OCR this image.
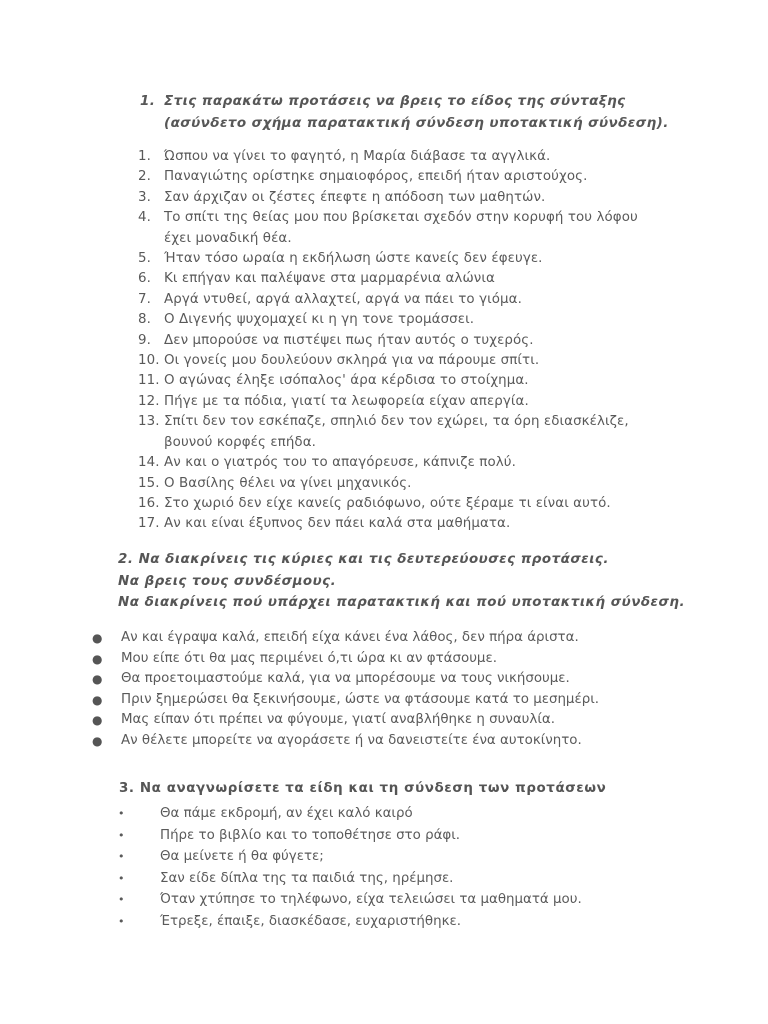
1. Στις παρακάτω προτάσεις να βρεις το είδος της σύνταξης
(ασύνδετο σχήμα παρατακτική σύνδεση υποτακτική σύνδεση).
1. Ώσπου να γίνει το φαγητό, η Μαρία διάβασε τα αγγλικά.
2. Παναγιώτης ορίστηκε σημαιοφόρος, επειδή ήταν αριστούχος.
3. Σαν άρχιζαν οι ζέστες έπεφτε η απόδοση των μαθητών.
4. Το σπίτι της θείας μου που βρίσκεται σχεδόν στην κορυφή του λόφου έχει μοναδική θέα.
5. Ήταν τόσο ωραία η εκδήλωση ώστε κανείς δεν έφευγε.
6. Κι επήγαν και παλέψανε στα μαρμαρένια αλώνια
7. Αργά ντυθεί, αργά αλλαχτεί, αργά να πάει το γιόμα.
8. Ο Διγενής ψυχομαχεί κι η γη τονε τρομάσσει.
9. Δεν μπορούσε να πιστέψει πως ήταν αυτός ο τυχερός.
10. Οι γονείς μου δουλεύουν σκληρά για να πάρουμε σπίτι.
11. Ο αγώνας έληξε ισόπαλος' άρα κέρδισα το στοίχημα.
12. Πήγε με τα πόδια, γιατί τα λεωφορεία είχαν απεργία.
13. Σπίτι δεν τον εσκέπαζε, σπηλιό δεν τον εχώρει, τα όρη εδιασκέλιζε, βουνού κορφές επήδα.
14. Αν και ο γιατρός του το απαγόρευσε, κάπνιζε πολύ.
15. Ο Βασίλης θέλει να γίνει μηχανικός.
16. Στο χωριό δεν είχε κανείς ραδιόφωνο, ούτε ξέραμε τι είναι αυτό.
17. Αν και είναι έξυπνος δεν πάει καλά στα μαθήματα.
2. Να διακρίνεις τις κύριες και τις δευτερεύουσες προτάσεις.
Να βρεις τους συνδέσμους.
Να διακρίνεις πού υπάρχει παρατακτική και πού υποτακτική σύνδεση.
● Αν και έγραψα καλά, επειδή είχα κάνει ένα λάθος, δεν πήρα άριστα.
● Μου είπε ότι θα μας περιμένει ό,τι ώρα κι αν φτάσουμε.
● Θα προετοιμαστούμε καλά, για να μπορέσουμε να τους νικήσουμε.
● Πριν ξημερώσει θα ξεκινήσουμε, ώστε να φτάσουμε κατά το μεσημέρι.
● Μας είπαν ότι πρέπει να φύγουμε, γιατί αναβλήθηκε η συναυλία.
● Αν θέλετε μπορείτε να αγοράσετε ή να δανειστείτε ένα αυτοκίνητο.
3. Να αναγνωρίσετε τα είδη και τη σύνδεση των προτάσεων
•	Θα πάμε εκδρομή, αν έχει καλό καιρό
•	Πήρε το βιβλίο και το τοποθέτησε στο ράφι.
•	Θα μείνετε ή θα φύγετε;
•	Σαν είδε δίπλα της τα παιδιά της, ηρέμησε.
•	Όταν χτύπησε το τηλέφωνο, είχα τελειώσει τα μαθηματά μου.
•	Έτρεξε, έπαιξε, διασκέδασε, ευχαριστήθηκε.
